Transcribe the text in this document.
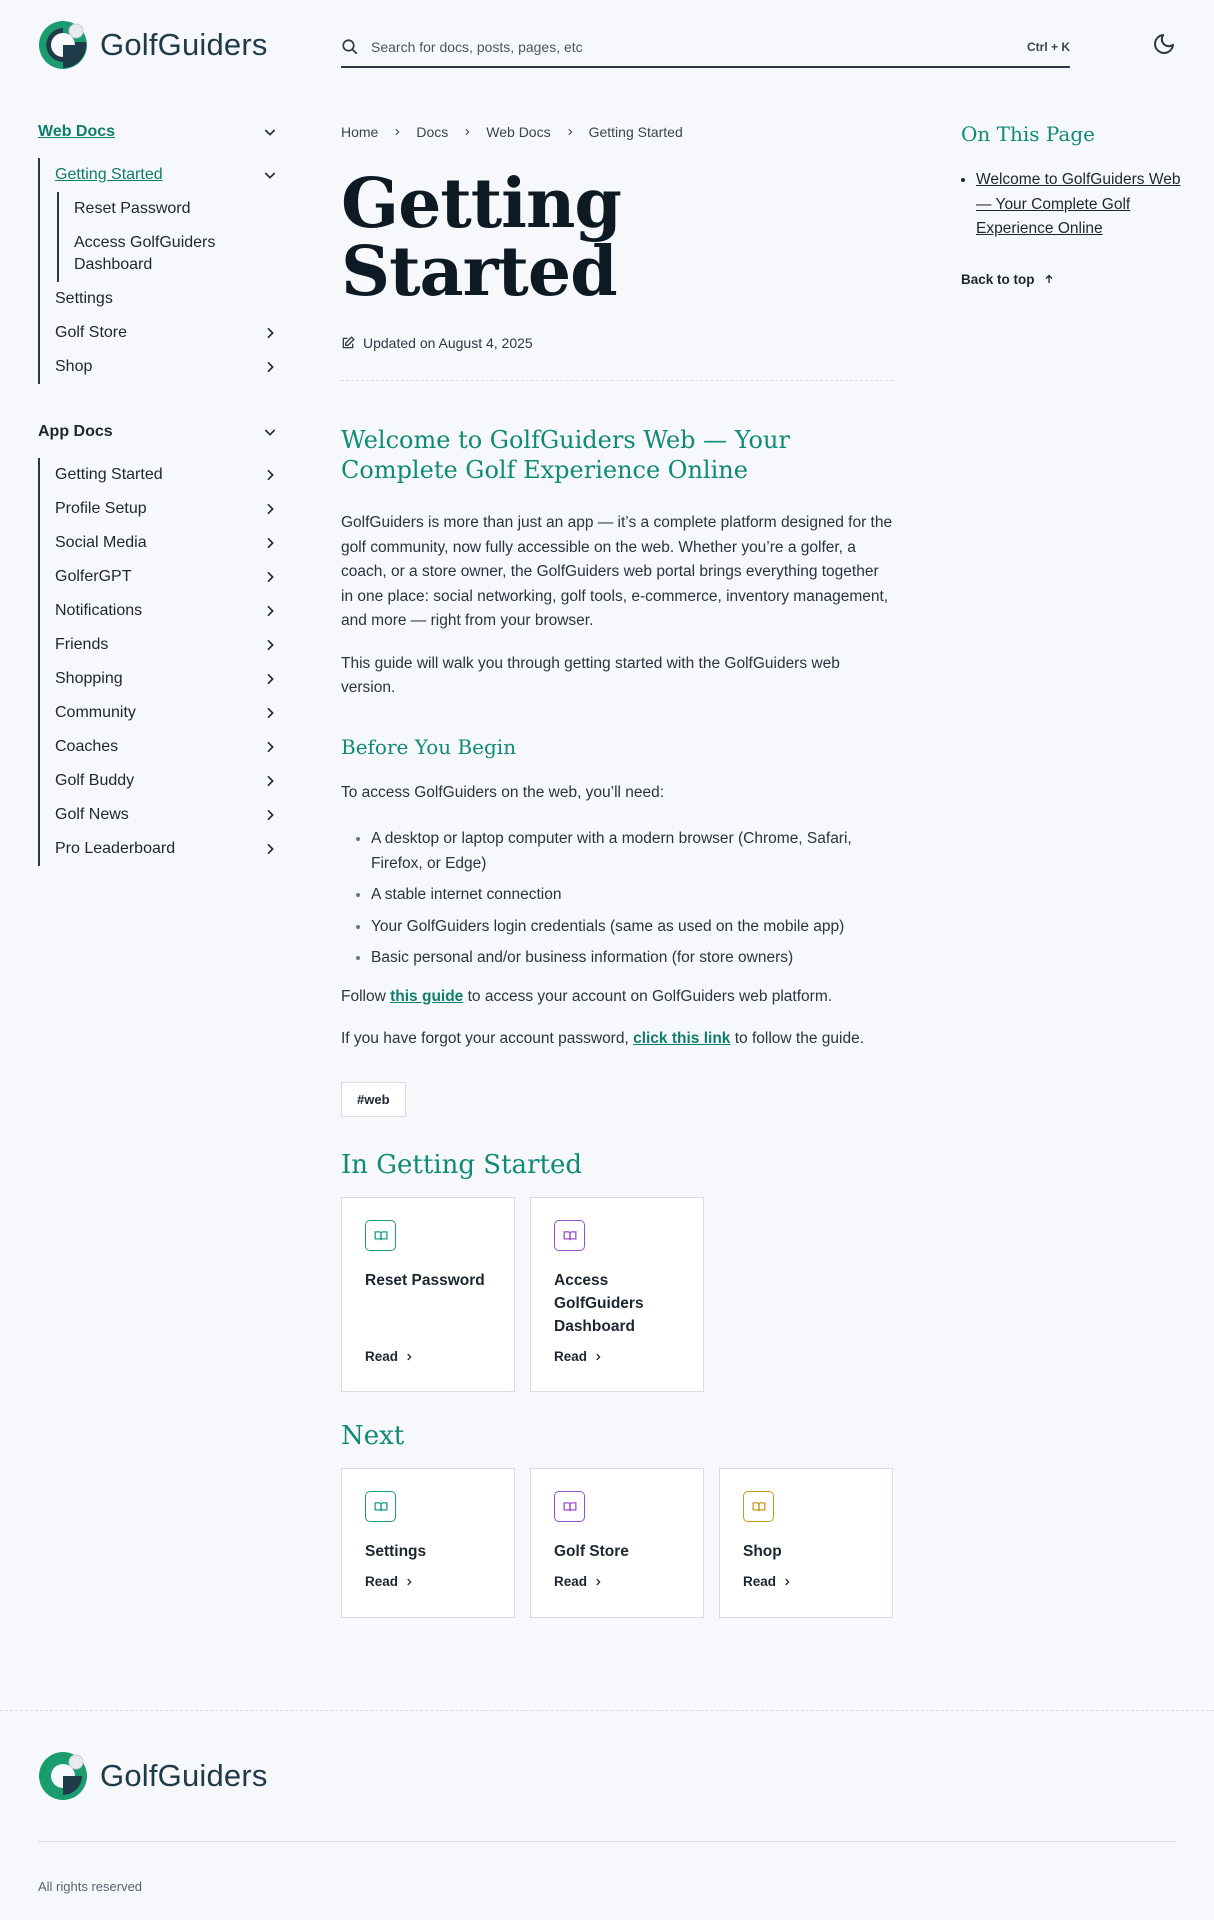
GolfGuiders	Search for docs, posts, pages, etc	Ctrl + K
Web Docs
Getting Started
Reset Password
Access GolfGuiders Dashboard
Settings
Golf Store
Shop
App Docs
Getting Started
Profile Setup
Social Media
GolferGPT
Notifications
Friends
Shopping
Community
Coaches
Golf Buddy
Golf News
Pro Leaderboard
Home	Docs	Web Docs	Getting Started
Getting Started
Updated on August 4, 2025
Welcome to GolfGuiders Web — Your Complete Golf Experience Online

GolfGuiders is more than just an app — it’s a complete platform designed for the golf community, now fully accessible on the web. Whether you’re a golfer, a coach, or a store owner, the GolfGuiders web portal brings everything together in one place: social networking, golf tools, e-commerce, inventory management, and more — right from your browser.

This guide will walk you through getting started with the GolfGuiders web version.

Before You Begin

To access GolfGuiders on the web, you’ll need:

• A desktop or laptop computer with a modern browser (Chrome, Safari, Firefox, or Edge)
• A stable internet connection
• Your GolfGuiders login credentials (same as used on the mobile app)
• Basic personal and/or business information (for store owners)

Follow this guide to access your account on GolfGuiders web platform.

If you have forgot your account password, click this link to follow the guide.

#web
In Getting Started
Reset Password
Read
Access GolfGuiders Dashboard
Read
Next
Settings
Read
Golf Store
Read
Shop
Read
On This Page
• Welcome to GolfGuiders Web — Your Complete Golf Experience Online
Back to top
GolfGuiders
All rights reserved
